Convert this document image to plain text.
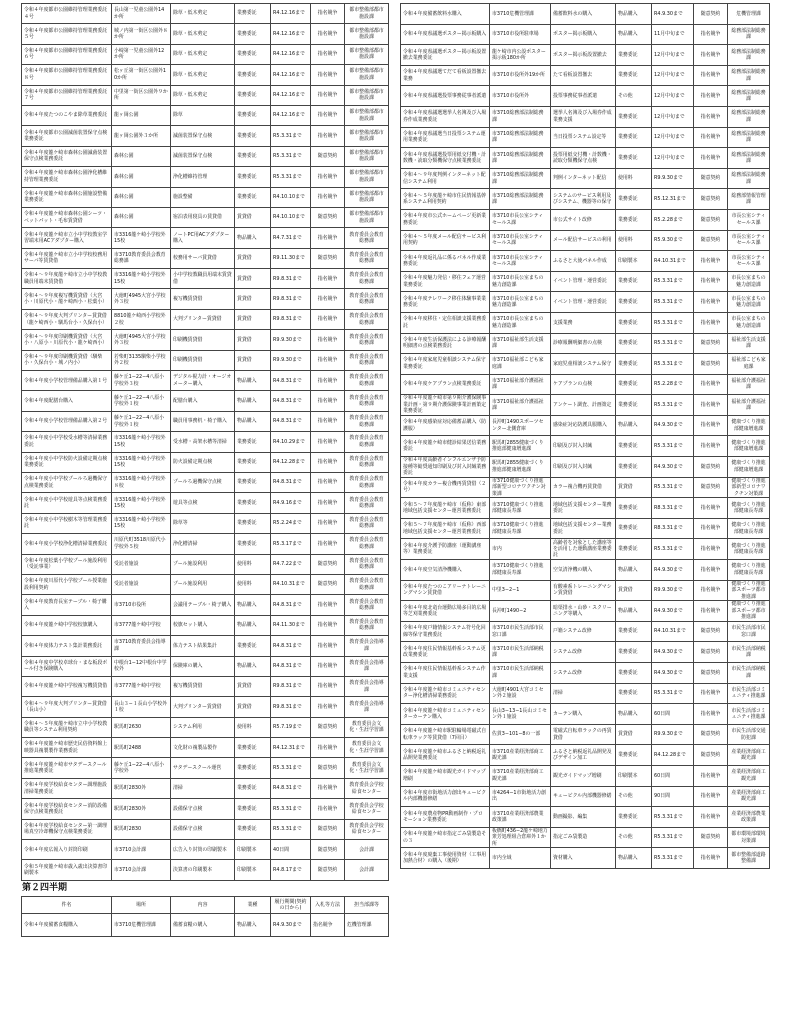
令和４年度都市公園維持管理業務委託４号	長山第一児童公園外14か所	除草・低木剪定	業務委託	R4.12.16まで	指名競争	都市整備部都市施設課
令和４年度都市公園維持管理業務委託５号	城ノ内第一街区公園外８か所	除草・低木剪定	業務委託	R4.12.16まで	指名競争	都市整備部都市施設課
令和４年度都市公園維持管理業務委託６号	小崎第一児童公園外12か所	除草・低木剪定	業務委託	R4.12.16まで	指名競争	都市整備部都市施設課
令和４年度都市公園維持管理業務委託８号	松ヶ丘第一街区公園外10か所	除草・低木剪定	業務委託	R4.12.16まで	指名競争	都市整備部都市施設課
令和４年度都市公園維持管理業務委託７号	中里第一街区公園外９か所	除草・低木剪定	業務委託	R4.12.16まで	指名競争	都市整備部都市施設課
令和４年度たつのこやま除草業務委託	龍ヶ岡公園	除草	業務委託	R4.12.16まで	指名競争	都市整備部都市施設課
令和４年度都市公園滅菌装置保守点検業務委託	龍ヶ岡公園外３か所	滅菌装置保守点検	業務委託	R5.3.31まで	指名競争	都市整備部都市施設課
令和４年度龍ケ崎市森林公園滅菌装置保守点検業務委託	森林公園	滅菌装置保守点検	業務委託	R5.3.31まで	随意契約	都市整備部都市施設課
令和４年度龍ケ崎市森林公園浄化槽維持管理業務委託	森林公園	浄化槽維持管理	業務委託	R5.3.31まで	指名競争	都市整備部都市施設課
令和４年度龍ケ崎市森林公園施設整備業務委託	森林公園	施設整備	業務委託	R4.10.10まで	指名競争	都市整備部都市施設課
令和４年度龍ケ崎市森林公園シーツ・ペットパット・毛布賃貸借	森林公園	宿泊表用寝具の賃貸借	賃貸借	R4.10.10まで	随意契約	都市整備部都市施設課
令和４年度龍ケ崎市立小中学校教室学習端末用ACアダプター購入	市3316龍ケ崎小学校外15校	ノートPC用ACアダプター購入	物品購入	R4.7.31まで	指名競争	教育委員会教育総務課
令和４年度龍ケ崎市立小中学校校務用サーバ等賃貸借	市3710教育委員会教育総務課	校務用サーバ賃貸借	賃貸借	R9.11.30まで	随意契約	教育委員会教育総務課
令和４〜９年度龍ケ崎市立小中学校教職員用端末賃貸借	市3316龍ケ崎小学校外15校	小中学校教職員用端末賃貸借	賃貸借	R9.8.31まで	指名競争	教育委員会教育総務課
令和４〜９年度複写機賃貸借（大宮小・川原代小・龍ケ崎西小・松葉小）	大徳町4945大宮小学校外３校	複写機賃貸借	賃貸借	R9.8.31まで	指名競争	教育委員会教育総務課
令和４〜９年度大判プリンター賃貸借（龍ケ崎西小・馴馬台小・久保台小）	8810龍ケ崎西小学校外２校	大判プリンター賃貸借	賃貸借	R9.8.31まで	指名競争	教育委員会教育総務課
令和４〜９年度印刷機賃貸借（大宮小・八原小・川原代小・龍ケ崎西小）	大徳町4945大宮小学校外３校	印刷機賃貸借	賃貸借	R9.9.30まで	指名競争	教育委員会教育総務課
令和４〜９年度印刷機賃貸借（馴柴小・久保台小・城ノ内小）	若柴町3135馴柴小学校外２校	印刷機賃貸借	賃貸借	R9.9.30まで	指名競争	教育委員会教育総務課
令和４年度小学校管理備品購入第１号	藤ケ丘1−22−4八原小学校外３校	デジタル視力計・オージオメーター購入	物品購入	R4.8.31まで	指名競争	教育委員会教育総務課
令和４年度配膳台購入	藤ケ丘1−22−4八原小学校外１校	配膳台購入	物品購入	R4.8.31まで	指名競争	教育委員会教育総務課
令和４年度小学校管理備品購入第２号	藤ケ丘1−22−4八原小学校外１校	職員用事務机・椅子購入	物品購入	R4.8.31まで	指名競争	教育委員会教育総務課
令和４年度小中学校受水槽等清掃業務委託	市3316龍ケ崎小学校外15校	受水槽・高架水槽等清掃	業務委託	R4.10.29まで	指名競争	教育委員会教育総務課
令和４年度小中学校防火設備定期点検業務委託	市3316龍ケ崎小学校外15校	防火設備定期点検	業務委託	R4.12.28まで	指名競争	教育委員会教育総務課
令和４年度小中学校プールろ過機保守点検業務委託	市3316龍ケ崎小学校外８校	プールろ過機保守点検	業務委託	R4.8.31まで	指名競争	教育委員会教育総務課
令和４年度小中学校遊具等点検業務委託	市3316龍ケ崎小学校外15校	遊具等点検	業務委託	R4.9.16まで	指名競争	教育委員会教育総務課
令和４年度小中学校樹木等管理業務委託	市3316龍ケ崎小学校外15校	除草等	業務委託	R5.2.24まで	指名競争	教育委員会教育総務課
令和４年度小学校浄化槽清掃業務委託	川原代町3518川原代小学校外５校	浄化槽清掃	業務委託	R5.3.17まで	指名競争	教育委員会教育総務課
令和４年度松葉小学校プール施設利用（受託事業）	受託者施設	プール施設利用	使用料	R4.7.22まで	随意契約	教育委員会教育総務課
令和４年度川原代小学校プール授業施設利用契約	受託者施設	プール施設利用	使用料	R4.10.31まで	随意契約	教育委員会教育総務課
令和４年度教育長室テーブル・椅子購入	市3710市役所	会議用テーブル・椅子購入	物品購入	R4.8.31まで	指名競争	教育委員会教育総務課
令和４年度龍ケ崎中学校校旗購入	市3777龍ケ崎中学校	校旗セット購入	物品購入	R4.11.30まで	指名競争	教育委員会教育総務課
令和４年度体力テスト集計業務委託	市3710教育委員会指導課	体力テスト結果集計	業務委託	R4.8.31まで	指名競争	教育委員会指導課
令和４年度中学校卓球台・まな板段ボール付き保険購入	中根台1−12中根台中学校外	保険庫の購入	物品購入	R4.8.31まで	指名競争	教育委員会指導課
令和４年度龍ケ崎中学校複写機賃貸借	市3777龍ケ崎中学校	複写機賃貸借	賃貸借	R9.8.31まで	指名競争	教育委員会指導課
令和４〜９年度大判プリンター賃貸借（長山小）	長山３−１長山小学校外１校	大判プリンター賃貸借	賃貸借	R9.8.31まで	指名競争	教育委員会指導課
令和４〜５年度龍ケ崎市立中小学校教職員等システム利用契約	駅馬町2630	システム利用	使用料	R5.7.19まで	随意契約	教育委員会文化・生涯学習課
令和４年度龍ケ崎市歴史民俗資料館上映器具複製製作業務委託	駅馬町2488	文化財の複製品製作	業務委託	R4.12.31まで	指名競争	教育委員会文化・生涯学習課
令和４年度龍ケ崎市サタデースクール推進業務委託	藤ケ丘1−22−4八原小学校外	サタデースクール運営	業務委託	R5.3.31まで	随意契約	教育委員会文化・生涯学習課
令和４年度学校給食センター調理施設清掃業務委託	駅馬町2830外	清掃	業務委託	R4.8.31まで	指名競争	教育委員会学校給食センター
令和４年度学校給食センター消防設備保守点検業務委託	駅馬町2830外	設備保守点検	業務委託	R5.3.31まで	指名競争	教育委員会学校給食センター
令和４年度学校給食センター第一調理場真空冷却機保守点検業務委託	駅馬町2830	設備保守点検	業務委託	R5.3.31まで	随意契約	教育委員会学校給食センター
令和４年度広報入り封筒印刷	市3710会計課	広告入り封筒の印刷製本	印刷製本	40日間	随意契約	会計課
令和５年度龍ケ崎市歳入歳出決算書印刷製本	市3710会計課	決算書の印刷製本	印刷製本	R4.8.17まで	随意契約	会計課
第２四半期
件名	場所	内容	業種	履行期間(契約の日から)	入札等方法	担当部課等
令和４年度備蓄食糧購入	市3710危機管理課	備蓄食糧の購入	物品購入	R4.9.30まで	指名競争	危機管理課
令和４年度備蓄飲料水購入	市3710危機管理課	備蓄飲料水の購入	物品購入	R4.9.30まで	随意契約	危機管理課
令和４年度県議選ポスター掲示板購入	市3710市役所駐車場	ポスター掲示板購入	物品購入	11月中旬まで	指名競争	総務部法制総務課
令和４年度県議選ポスター掲示板設置撤去業務委託	龍ケ崎市内公設ポスター掲示板180か所	ポスター掲示板設置撤去	業務委託	12月中旬まで	指名競争	総務部法制総務課
令和４年度県議選てだて看板設置撤去業務	市3710市役所外19か所	たて看板設置撤去	業務委託	12月中旬まで	指名競争	総務部法制総務課
令和４年度県議選投票事務従事者派遣	市3710市役所外	投票事務従事者派遣	その他	12月中旬まで	指名競争	総務部法制総務課
令和４年度県議選選挙人名簿及び入場券作成業務委託	市3710総務部法制総務課	選挙人名簿及び入場券作成業務支援	業務委託	12月中旬まで	指名競争	総務部法制総務課
令和４年度県議選当日投票システム運用業務委託	市3710総務部法制総務課	当日投票システム設定等	業務委託	12月中旬まで	指名競争	総務部法制総務課
令和４年度県議選投票用紙交付機・計数機・読取分類機保守点検業務委託	市3710総務部法制総務課	投票用紙交付機・計数機・読取分類機保守点検	業務委託	12月中旬まで	指名競争	総務部法制総務課
令和４〜９年度判例インターネット配信システム利用	市3710総務部法制総務課	判例インターネット配信	使用料	R9.9.30まで	随意契約	総務部法制総務課
令和４〜５年度龍ケ崎市住民情報基幹系システム利用契約	市3710総務部法制総務課	システムのサービス利用及びシステム、機器等の保守	業務委託	R5.12.31まで	随意契約	総務部情報管理課
令和４年度市公式ホームページ更新業務委託	市3710市長公室シティセールス課	市公式サイト改修	業務委託	R5.2.28まで	随意契約	市長公室シティセールス課
令和４〜５年度メール配信サービス利用契約	市3710市長公室シティセールス課	メール配信サービスの利用	使用料	R5.9.30まで	随意契約	市長公室シティセールス課
令和４年度返礼品に係るパネル作成業務委託	市3710市長公室シティセールス課	ふるさと大使パネル作成	印刷製本	R4.10.31まで	指名競争	市長公室シティセールス課
令和４年度魅力発信・移住フェア運営業務委託	市3710市長公室まちの魅力創造課	イベント管理・運営委託	業務委託	R5.3.31まで	指名競争	市長公室まちの魅力創造課
令和４年度テレワーク移住体験事業業務委託	市3710市長公室まちの魅力創造課	イベント管理・運営委託	業務委託	R5.3.31まで	指名競争	市長公室まちの魅力創造課
令和４年度移住・定住相談支援業務委託	市3710市長公室まちの魅力創造課	支援業務	業務委託	R5.3.31まで	指名競争	市長公室まちの魅力創造課
令和４年度生活保護法による診療報酬明細書の点検業務委託	市3710福祉部生活支援課	診療報酬明細書の点検	業務委託	R5.3.31まで	随意契約	福祉部生活支援課
令和４年度家庭児童相談システム保守業務委託	市3710福祉部こども家庭課	家庭児童相談システム保守	業務委託	R5.3.31まで	随意契約	福祉部こども家庭課
令和４年度ケアプラン点検業務委託	市3710福祉部介護福祉課	ケアプランの点検	業務委託	R5.2.28まで	指名競争	福祉部介護福祉課
令和４年度龍ケ崎市第９期介護保険事業計画・第９期介護保険事業計画策定業務委託	市3710福祉部介護福祉課	アンケート調査、計画策定	業務委託	R5.3.31まで	指名競争	福祉部介護福祉課
令和４年度感染症対応備蓄品購入（防護服）	長沖町1490スポーツセンター北側倉庫	感染症対応防護具服購入	物品購入	R4.9.30まで	指名競争	健康づくり推進部健康増進課
令和４年度龍ケ崎市健診結果送信業務委託	駅馬町2855健康づくり推進部健康増進課	印刷及び封入封緘	業務委託	R5.3.31まで	指名競争	健康づくり推進部健康増進課
令和４年度高齢者インフルエンザ予防接種等勧奨通知印刷及び封入封緘業務委託	駅馬町2855健康づくり推進部健康増進課	印刷及び封入封緘	業務委託	R4.9.30まで	随意契約	健康づくり推進部健康増進課
令和４年度カラー複合機再賃貸借（２号）	市3710健康づくり推進部新型コロナワクチン対策課	カラー複合機再賃貸借	賃貸借	R5.3.31まで	随意契約	健康づくり推進部新型コロナワクチン対策課
令和５〜７年度龍ケ崎市（仮称）東部地域包括支援センター運営業務委託	市3710健康づくり推進部健康長寿課	地域包括支援センター業務委託	業務委託	R8.3.31まで	指名競争	健康づくり推進部健康長寿課
令和５〜７年度龍ケ崎市（仮称）西部地域包括支援センター運営業務委託	市3710健康づくり推進部健康長寿課	地域包括支援センター業務委託	業務委託	R8.3.31まで	指名競争	健康づくり推進部健康長寿課
令和４年度介護予防講座（運動講座等）業務委託	市内	高齢者を対象とした講座等を活用した運動講座業務委託	業務委託	R5.3.31まで	指名競争	健康づくり推進部健康長寿課
令和４年度空気清浄機購入	市3710健康づくり推進部健康長寿課	空気清浄機の購入	物品購入	R4.9.30まで	指名競争	健康づくり推進部健康長寿課
令和４年度たつのこアリーナトレーニングマシン賃貸借	中里3−2−1	有酸素系トレーニングマシン賃貸借	賃貸借	R9.9.30まで	指名競争	健康づくり推進部スポーツ都市推進課
令和４年度北竜台運動広場多目的広場等芝刈業務委託	長沖町1490−2	暗渠排水・山砂・スクリーニング等購入	物品購入	R4.9.30まで	指名競争	健康づくり推進部スポーツ都市推進課
令和４年度戸籍情報システム符号化回線等保守業務委託	市3710市民生活部市民窓口課	戸籍システム改修	業務委託	R4.10.31まで	随意契約	市民生活部市民窓口課
令和４年度住民情報基幹系システム更改業務委託	市3710市民生活部納税課	システム改修	業務委託	R4.9.30まで	随意契約	市民生活部納税課
令和４年度住民情報基幹系システム作業支援	市3710市民生活部納税課	システム改修	業務委託	R4.9.30まで	随意契約	市民生活部納税課
令和４年度龍ケ崎市コミュニティセンター浄化槽清掃業務委託	大徳町4901大宮コミセン外２施設	清掃	業務委託	R5.3.31まで	指名競争	市民生活部コミュニティ推進課
令和４年度龍ケ崎市コミュニティセンターカーテン購入	長山3−13−1長山コミセン外１施設	カーテン購入	物品購入	60日間	指名競争	市民生活部コミュニティ推進課
令和４年度龍ケ崎市駅駐輪場電磁式自転車ラック等賃貸借（7回目）	佐貫3−101−8の一部	電磁式自転車ラックの再賃貸借	賃貸借	R9.9.30まで	随意契約	市民生活部交通防犯課
令和４年度龍ケ崎市ふるさと納税返礼品開発業務委託	市3710産業経済部商工観光課	ふるさと納税返礼品開発及びデザイン加工	業務委託	R4.12.28まで	随意契約	産業経済部商工観光課
令和４年度龍ケ崎市観光ガイドマップ増刷	市3710産業経済部商工観光課	観光ガイドマップ増刷	印刷製本	60日間	指名競争	産業経済部商工観光課
令和４年度市街地活力創出キュービクル内部機器修繕	市4264−1市街地活力創出	キュービクル内部機器修繕	その他	90日間	指名競争	産業経済部商工観光課
令和４年度農産物PR動画制作・プロモーション業務委託	市3710産業経済部農業政策課	動画撮影、編集	業務委託	R5.3.31まで	指名競争	産業経済部農業政策課
令和４年度龍ケ崎市指定ごみ袋製造その３	板橋町436−2龍ケ崎地力衆芳処理組合倉庫外１か所	指定ごみ袋製造	その他	R5.3.31まで	随意契約	都市環境部環境対策課
令和４年度廃棄工事使用資材（工事用加熱合材）の購入（後期）	市内全域	資材購入	物品購入	R5.3.31まで	指名競争	都市整備部道路整備課
